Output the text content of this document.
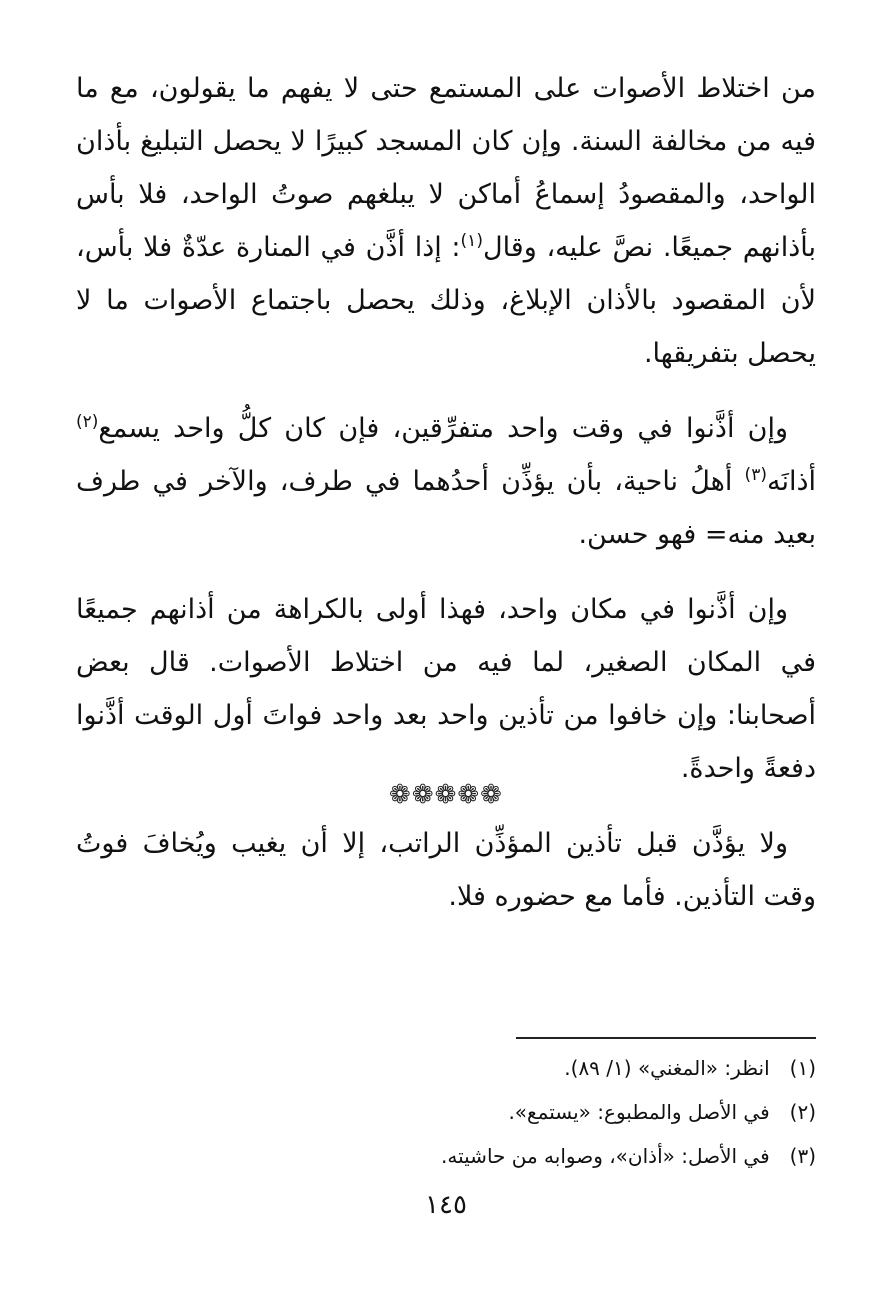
من اختلاط الأصوات على المستمع حتى لا يفهم ما يقولون، مع ما فيه من مخالفة السنة. وإن كان المسجد كبيرًا لا يحصل التبليغ بأذان الواحد، والمقصودُ إسماعُ أماكن لا يبلغهم صوتُ الواحد، فلا بأس بأذانهم جميعًا. نصَّ عليه، وقال$^{(١)}$: إذا أذَّن في المنارة عدّةٌ فلا بأس، لأن المقصود بالأذان الإبلاغ، وذلك يحصل باجتماع الأصوات ما لا يحصل بتفريقها.

وإن أذَّنوا في وقت واحد متفرِّقين، فإن كان كلُّ واحد يسمع$^{(٢)}$ أذانَه$^{(٣)}$ أهلُ ناحية، بأن يؤذِّن أحدُهما في طرف، والآخر في طرف بعيد منه= فهو حسن.

وإن أذَّنوا في مكان واحد، فهذا أولى بالكراهة من أذانهم جميعًا في المكان الصغير، لما فيه من اختلاط الأصوات. قال بعض أصحابنا: وإن خافوا من تأذين واحد بعد واحد فواتَ أول الوقت أذَّنوا دفعةً واحدةً.

ولا يؤذَّن قبل تأذين المؤذِّن الراتب، إلا أن يغيب ويُخافَ فوتُ وقت التأذين. فأما مع حضوره فلا.

❁❁❁❁❁
(١) انظر: «المغني» (١/ ٨٩).
(٢) في الأصل والمطبوع: «يستمع».
(٣) في الأصل: «أذان»، وصوابه من حاشيته.
١٤٥
